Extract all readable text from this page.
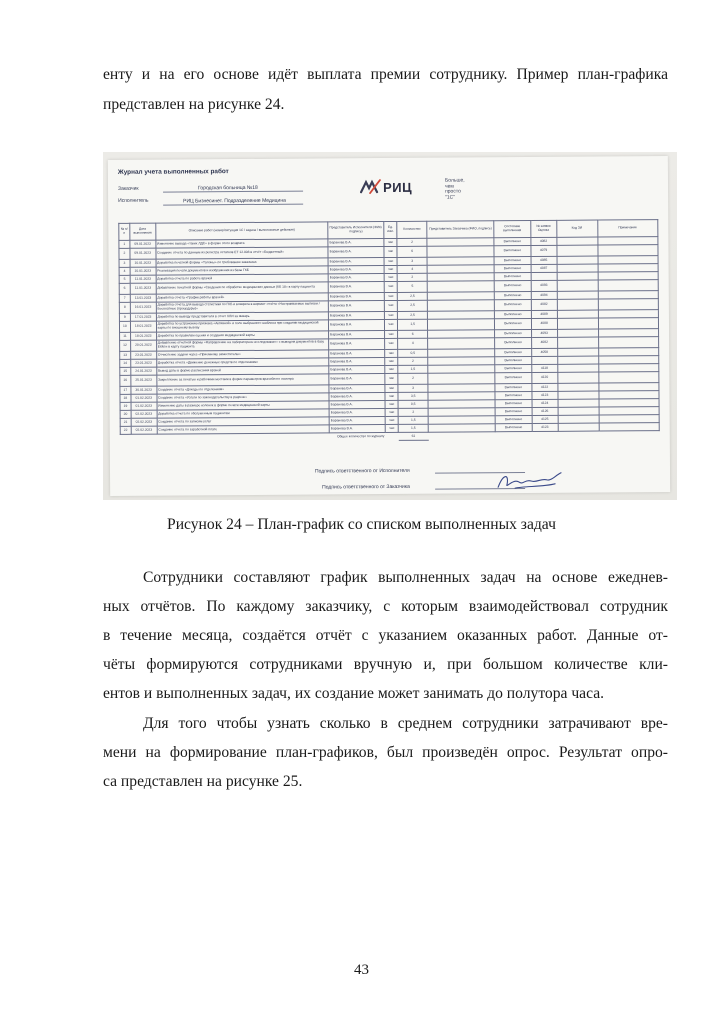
енту и на его основе идёт выплата премии сотруднику. Пример план-графика
представлен на рисунке 24.
Журнал учета выполненных работ
Заказчик	Городская больница №18
Исполнитель	РИЦ Бизнесинет. Подразделение Медицина
РИЦ	Больше, чем
просто "1С"
№ п/п	Дата выполнения	Описание работ (номер/ситуация 1С / задача / выполненные действия)	Представитель Исполнителя (ФИО, подпись)	Ед. изм.	Количество	Представитель Заказчика (ФИО, подпись)	Состояние выполнения	№ заявки Оценка	Код ЗИ	Примечание
1	09.01.2023	Изменение вывода «таких ЛДС» в форме этого возврата	Баранова В.А.	час	2		Выполнено	4082		
2	09.01.2023	Создание отчета по данным из регистра остатков ЕТ 12.008 в отчёт «Бюджетный»	Баранова В.А.	час	6		Выполнено	4079		
3	10.01.2023	Доработка печатной формы «Талоны» по требованию заказчика	Баранова В.А.	час	3		Выполнено	4085		
4	10.01.2023	Реализация печати документов и изображения из базы ГКБ	Баранова В.А.	час	4		Выполнено	4087		
5	11.01.2023	Доработка отчета по работе врачей	Баранова В.А.	час	2		Выполнено			
6	11.01.2023	Добавление печатной формы «Сведения по обработке медицинских данных (КБ 18» в карту пациента	Баранова В.А.	час	5		Выполнено	4093		
7	13.01.2023	Доработка отчёта «График работы врачей»	Баранова В.А.	час	2,5		Выполнено	4094		
8	16.01.2023	Доработка отчёта для вывода статистики по ГКБ и возврата в вариант отчёта «Настраиваемые выписки / Бесплатные (процедуры)»	Баранова В.А.	час	2,5		Выполнено	4082		
9	17.01.2023	Доработка по выводу представителя в отчет ХЛИ за январь	Баранова В.А.	час	2,5		Выполнено	4089		
10	18.01.2023	Доработка по устранению признака «Активной» и поле выбранного шаблона при создании медицинской карты по внешнему вызову	Баранова В.А.	час	1,5		Выполнено	4088		
11	18.01.2023	Доработка по правилам оценки и создания медицинской карты	Баранова В.А.	час	6		Выполнено	4093		
12	20.01.2023	Добавление отчетной формы «Направление на лабораторное исследование» с выводом документов в базу ЕКМ и в карту пациента	Баранова В.А.	час	4		Выполнено	4082		
13	23.01.2023	Отчисление задачи через «Приемному заместителю»	Баранова В.А.	час	0,5		Выполнено	4058		
14	23.01.2023	Доработка отчёта «Движение денежных средств по отделениям»	Баранова В.А.	час	2		Выполнено			
15	24.01.2023	Вывод даты в форме расписания врачей	Баранова В.А.	час	1,5		Выполнено	4118		
16	25.01.2023	Закрепление за печатью и рабочими местами в форме параметров врачебного осмотра	Баранова В.А.	час	2		Выполнено	4120		
17	30.01.2023	Создание отчёта «Доходы по отделениям»	Баранова В.А.	час	3		Выполнено	4122		
18	01.02.2023	Создание отчёта «Услуги по законодательству в разрезе»	Баранова В.А.	час	3,5		Выполнено	4123		
19	01.02.2023	Изменение даты в размере колонок в форме печати медицинской карты	Баранова В.А.	час	0,5		Выполнено	4124		
20	02.02.2023	Доработка отчета по обслуженным пациентам	Баранова В.А.	час	2		Выполнено	4126		
21	02.02.2023	Создание отчёта по записям услуг	Баранова В.А.	час	1,5		Выполнено	4125		
22	02.02.2023	Создание отчёта по заработной плате	Баранова В.А.	час	1,5		Выполнено	4123		
Общее количество по журналу					61					
Подпись ответственного от Исполнителя
Подпись ответственного от Заказчика
Рисунок 24 – План-график со списком выполненных задач
Сотрудники составляют график выполненных задач на основе ежеднев-
ных отчётов. По каждому заказчику, с которым взаимодействовал сотрудник
в течение месяца, создаётся отчёт с указанием оказанных работ. Данные от-
чёты формируются сотрудниками вручную и, при большом количестве кли-
ентов и выполненных задач, их создание может занимать до полутора часа.
Для того чтобы узнать сколько в среднем сотрудники затрачивают вре-
мени на формирование план-графиков, был произведён опрос. Результат опро-
са представлен на рисунке 25.
43
